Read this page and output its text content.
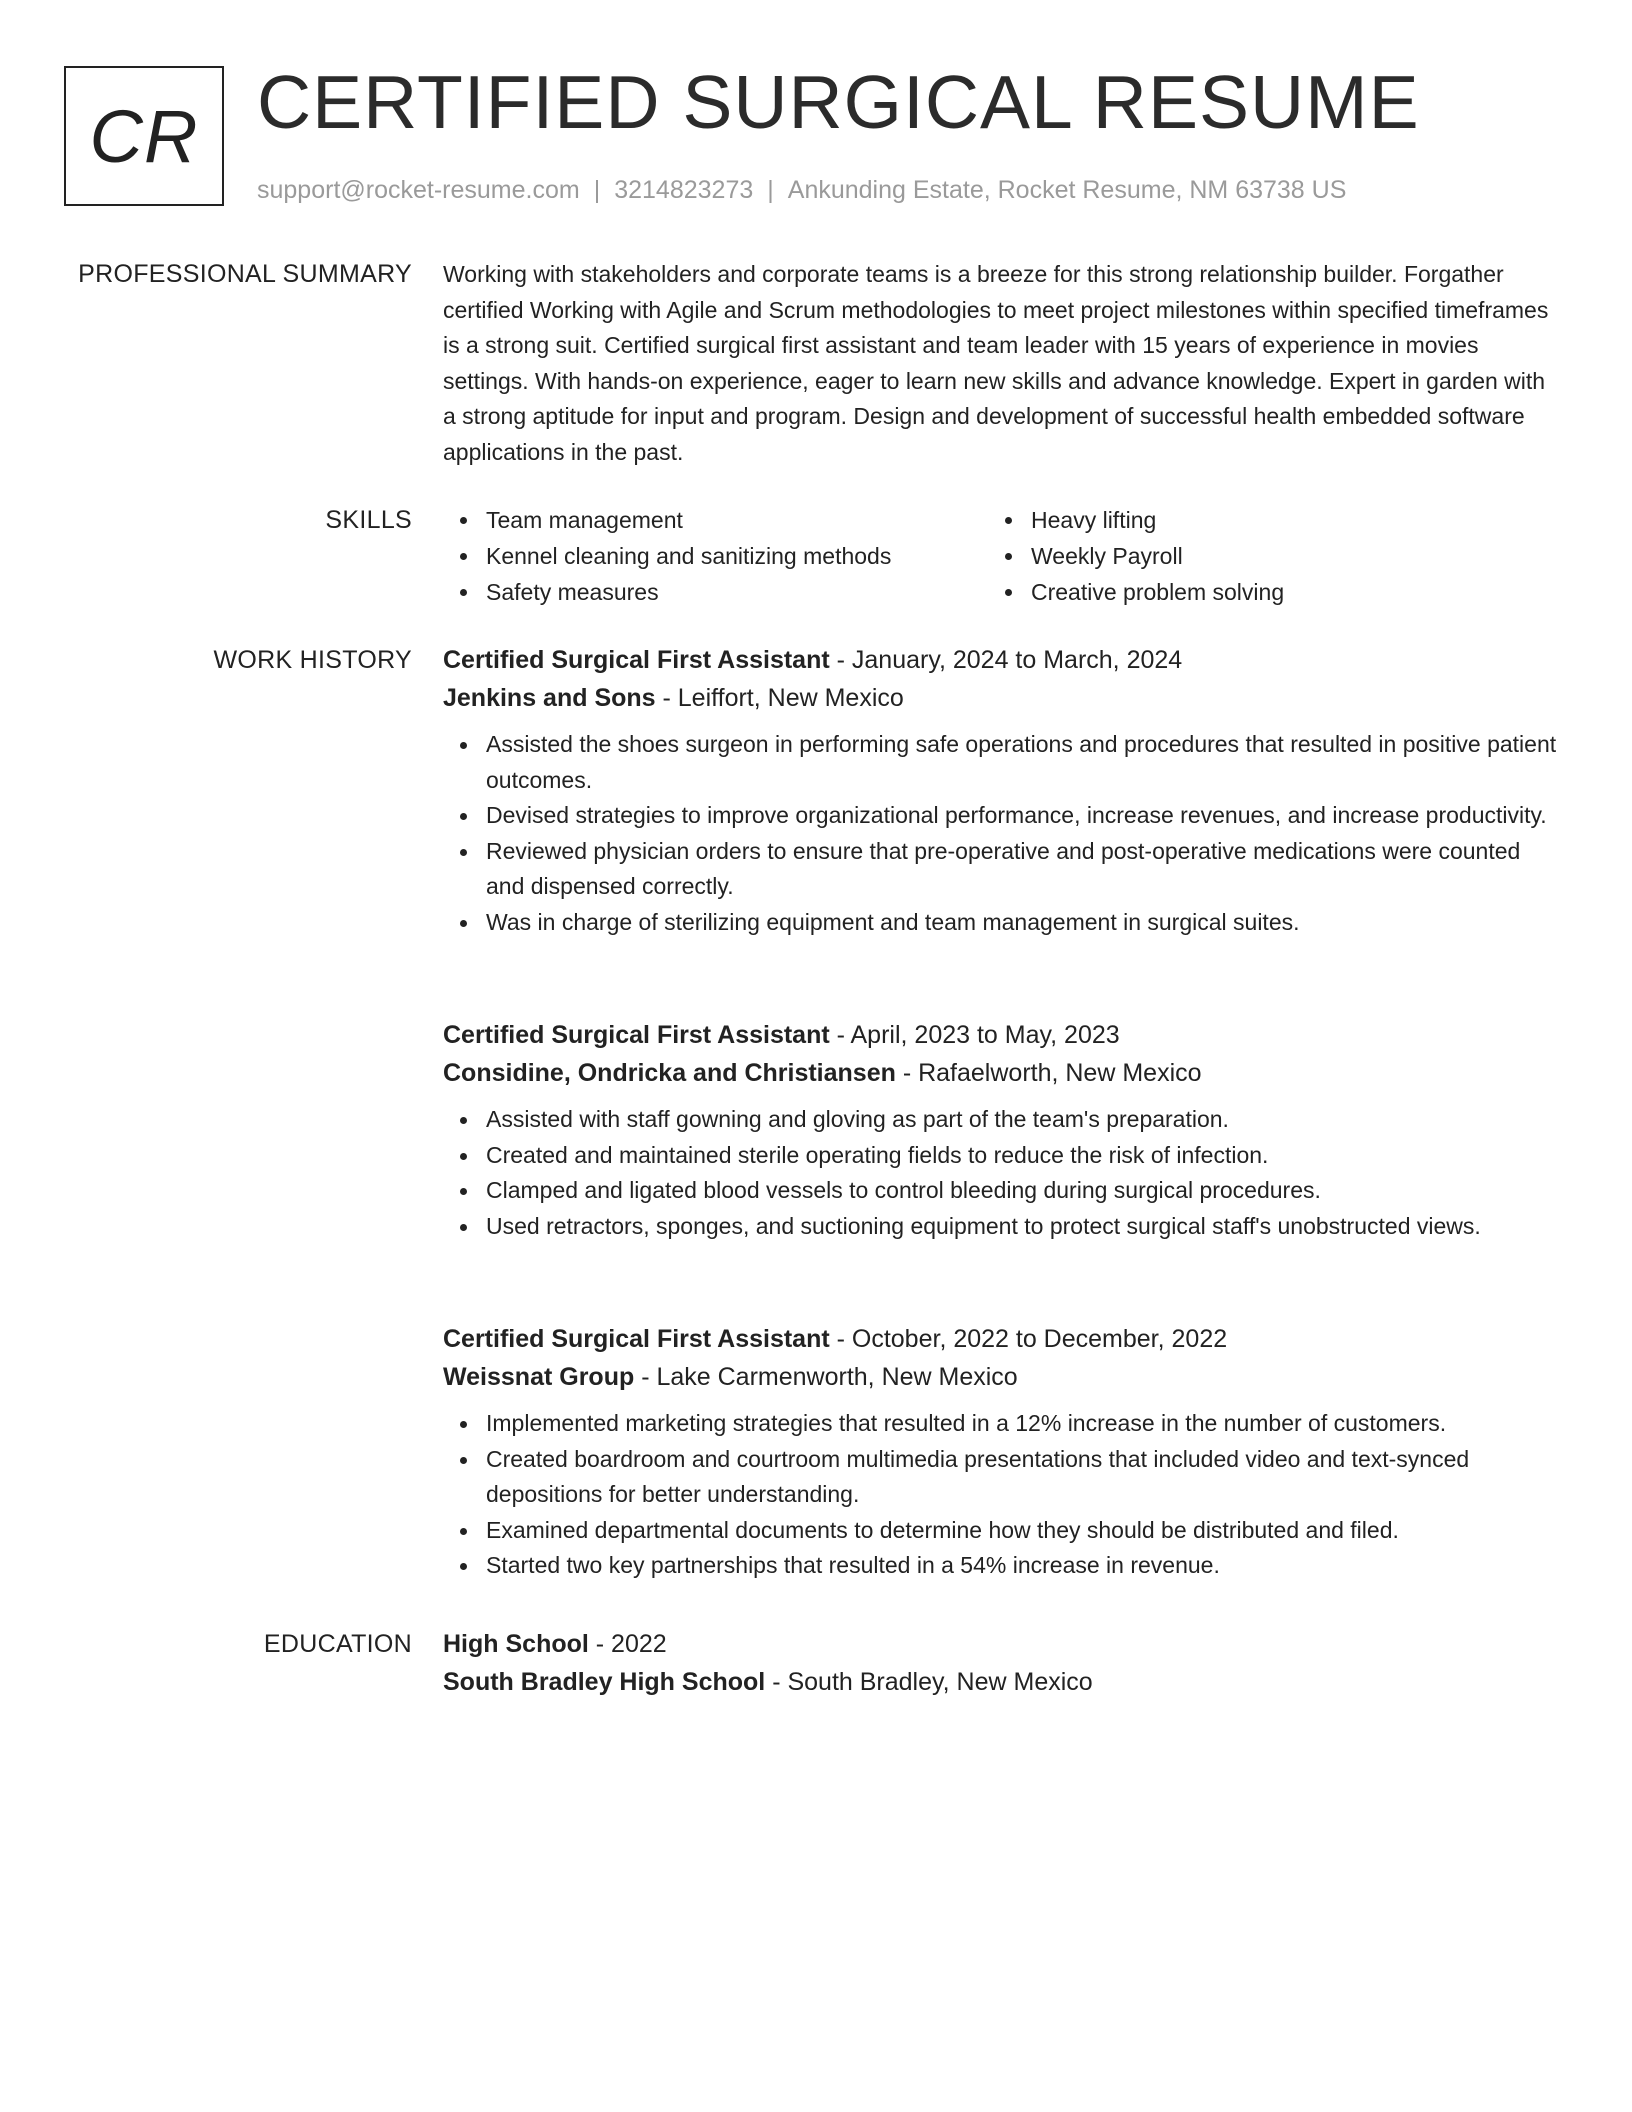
CR CERTIFIED SURGICAL RESUME
support@rocket-resume.com | 3214823273 | Ankunding Estate, Rocket Resume, NM 63738 US
PROFESSIONAL SUMMARY Working with stakeholders and corporate teams is a breeze for this strong relationship builder. Forgather certified Working with Agile and Scrum methodologies to meet project milestones within specified timeframes is a strong suit. Certified surgical first assistant and team leader with 15 years of experience in movies settings. With hands-on experience, eager to learn new skills and advance knowledge. Expert in garden with a strong aptitude for input and program. Design and development of successful health embedded software applications in the past.

SKILLS	Team management
Kennel cleaning and sanitizing methods
Safety measures
Heavy lifting
Weekly Payroll
Creative problem solving
WORK HISTORY Certified Surgical First Assistant - January, 2024 to March, 2024
Jenkins and Sons - Leiffort, New Mexico
Assisted the shoes surgeon in performing safe operations and procedures that resulted in positive patient outcomes.
Devised strategies to improve organizational performance, increase revenues, and increase productivity.
Reviewed physician orders to ensure that pre-operative and post-operative medications were counted and dispensed correctly.
Was in charge of sterilizing equipment and team management in surgical suites.
Certified Surgical First Assistant - April, 2023 to May, 2023
Considine, Ondricka and Christiansen - Rafaelworth, New Mexico
Assisted with staff gowning and gloving as part of the team's preparation.
Created and maintained sterile operating fields to reduce the risk of infection.
Clamped and ligated blood vessels to control bleeding during surgical procedures.
Used retractors, sponges, and suctioning equipment to protect surgical staff's unobstructed views.
Certified Surgical First Assistant - October, 2022 to December, 2022
Weissnat Group - Lake Carmenworth, New Mexico
Implemented marketing strategies that resulted in a 12% increase in the number of customers.
Created boardroom and courtroom multimedia presentations that included video and text-synced depositions for better understanding.
Examined departmental documents to determine how they should be distributed and filed.
Started two key partnerships that resulted in a 54% increase in revenue.
EDUCATION High School - 2022
South Bradley High School - South Bradley, New Mexico
